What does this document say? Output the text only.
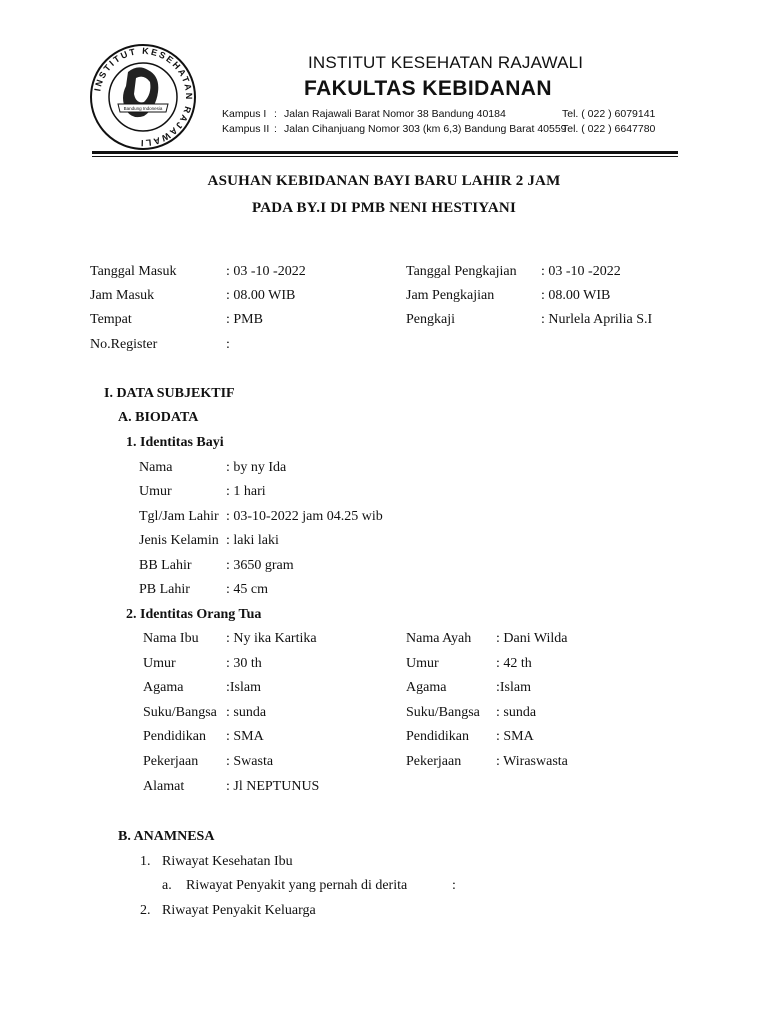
INSTITUT KESEHATAN RAJAWALI
Bandung Indonesia
INSTITUT KESEHATAN RAJAWALI
FAKULTAS KEBIDANAN
Kampus I : Jalan Rajawali Barat Nomor 38 Bandung 40184	Tel. ( 022 ) 6079141
Kampus II : Jalan Cihanjuang Nomor 303 (km 6,3) Bandung Barat 40559
Tel. ( 022 ) 6647780
ASUHAN KEBIDANAN BAYI BARU LAHIR 2 JAM
PADA BY.I DI PMB NENI HESTIYANI
Tanggal Masuk	: 03 -10 -2022
Jam Masuk	: 08.00 WIB
Tempat	: PMB
No.Register	:
Tanggal Pengkajian : 03 -10 -2022
Jam Pengkajian	: 08.00 WIB
Pengkaji	: Nurlela Aprilia S.I
I. DATA SUBJEKTIF
A. BIODATA
1. Identitas Bayi
Nama	: by ny Ida
Umur	: 1 hari
Tgl/Jam Lahir : 03-10-2022 jam 04.25 wib
Jenis Kelamin : laki laki
BB Lahir : 3650 gram
PB Lahir	: 45 cm
2. Identitas Orang Tua
Nama Ibu : Ny ika Kartika
Umur	: 30 th
Agama	:Islam
Suku/Bangsa : sunda
Pendidikan : SMA
Pekerjaan : Swasta
Alamat	: Jl NEPTUNUS
Nama Ayah : Dani Wilda
Umur	: 42 th
Agama	:Islam
Suku/Bangsa : sunda
Pendidikan : SMA
Pekerjaan : Wiraswasta
B. ANAMNESA
1. Riwayat Kesehatan Ibu
a. Riwayat Penyakit yang pernah di derita	:
2. Riwayat Penyakit Keluarga
